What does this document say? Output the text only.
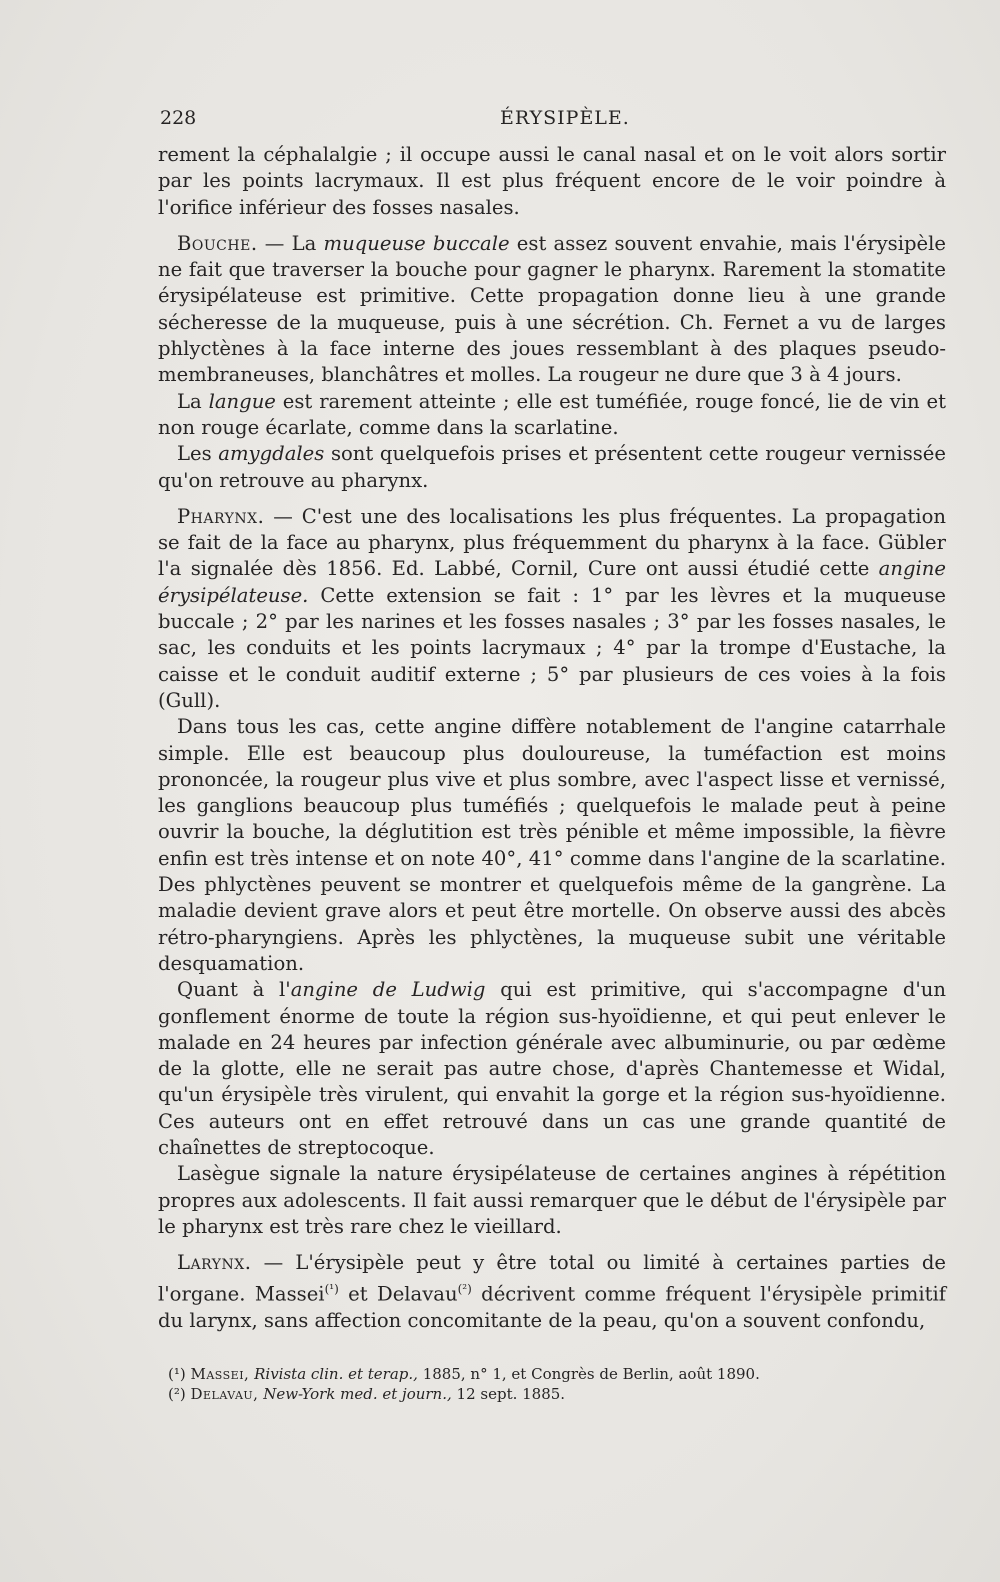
228	ÉRYSIPÈLE.

rement la céphalalgie ; il occupe aussi le canal nasal et on le voit alors sortir par les points lacrymaux. Il est plus fréquent encore de le voir poindre à l'orifice inférieur des fosses nasales.

Bouche. — La muqueuse buccale est assez souvent envahie, mais l'érysipèle ne fait que traverser la bouche pour gagner le pharynx. Rarement la stomatite érysipélateuse est primitive. Cette propagation donne lieu à une grande sécheresse de la muqueuse, puis à une sécrétion. Ch. Fernet a vu de larges phlyctènes à la face interne des joues ressemblant à des plaques pseudo-membraneuses, blanchâtres et molles. La rougeur ne dure que 3 à 4 jours.

La langue est rarement atteinte ; elle est tuméfiée, rouge foncé, lie de vin et non rouge écarlate, comme dans la scarlatine.

Les amygdales sont quelquefois prises et présentent cette rougeur vernissée qu'on retrouve au pharynx.

Pharynx. — C'est une des localisations les plus fréquentes. La propagation se fait de la face au pharynx, plus fréquemment du pharynx à la face. Gübler l'a signalée dès 1856. Ed. Labbé, Cornil, Cure ont aussi étudié cette angine érysipélateuse. Cette extension se fait : 1° par les lèvres et la muqueuse buccale ; 2° par les narines et les fosses nasales ; 3° par les fosses nasales, le sac, les conduits et les points lacrymaux ; 4° par la trompe d'Eustache, la caisse et le conduit auditif externe ; 5° par plusieurs de ces voies à la fois (Gull).

Dans tous les cas, cette angine diffère notablement de l'angine catarrhale simple. Elle est beaucoup plus douloureuse, la tuméfaction est moins prononcée, la rougeur plus vive et plus sombre, avec l'aspect lisse et vernissé, les ganglions beaucoup plus tuméfiés ; quelquefois le malade peut à peine ouvrir la bouche, la déglutition est très pénible et même impossible, la fièvre enfin est très intense et on note 40°, 41° comme dans l'angine de la scarlatine. Des phlyctènes peuvent se montrer et quelquefois même de la gangrène. La maladie devient grave alors et peut être mortelle. On observe aussi des abcès rétro-pharyngiens. Après les phlyctènes, la muqueuse subit une véritable desquamation.

Quant à l'angine de Ludwig qui est primitive, qui s'accompagne d'un gonflement énorme de toute la région sus-hyoïdienne, et qui peut enlever le malade en 24 heures par infection générale avec albuminurie, ou par œdème de la glotte, elle ne serait pas autre chose, d'après Chantemesse et Widal, qu'un érysipèle très virulent, qui envahit la gorge et la région sus-hyoïdienne. Ces auteurs ont en effet retrouvé dans un cas une grande quantité de chaînettes de streptocoque.

Lasègue signale la nature érysipélateuse de certaines angines à répétition propres aux adolescents. Il fait aussi remarquer que le début de l'érysipèle par le pharynx est très rare chez le vieillard.

Larynx. — L'érysipèle peut y être total ou limité à certaines parties de l'organe. Massei$^{(^1)}$ et Delavau$^{(^2)}$ décrivent comme fréquent l'érysipèle primitif du larynx, sans affection concomitante de la peau, qu'on a souvent confondu,

(¹) Massei, Rivista clin. et terap., 1885, n° 1, et Congrès de Berlin, août 1890.
(²) Delavau, New-York med. et journ., 12 sept. 1885.
